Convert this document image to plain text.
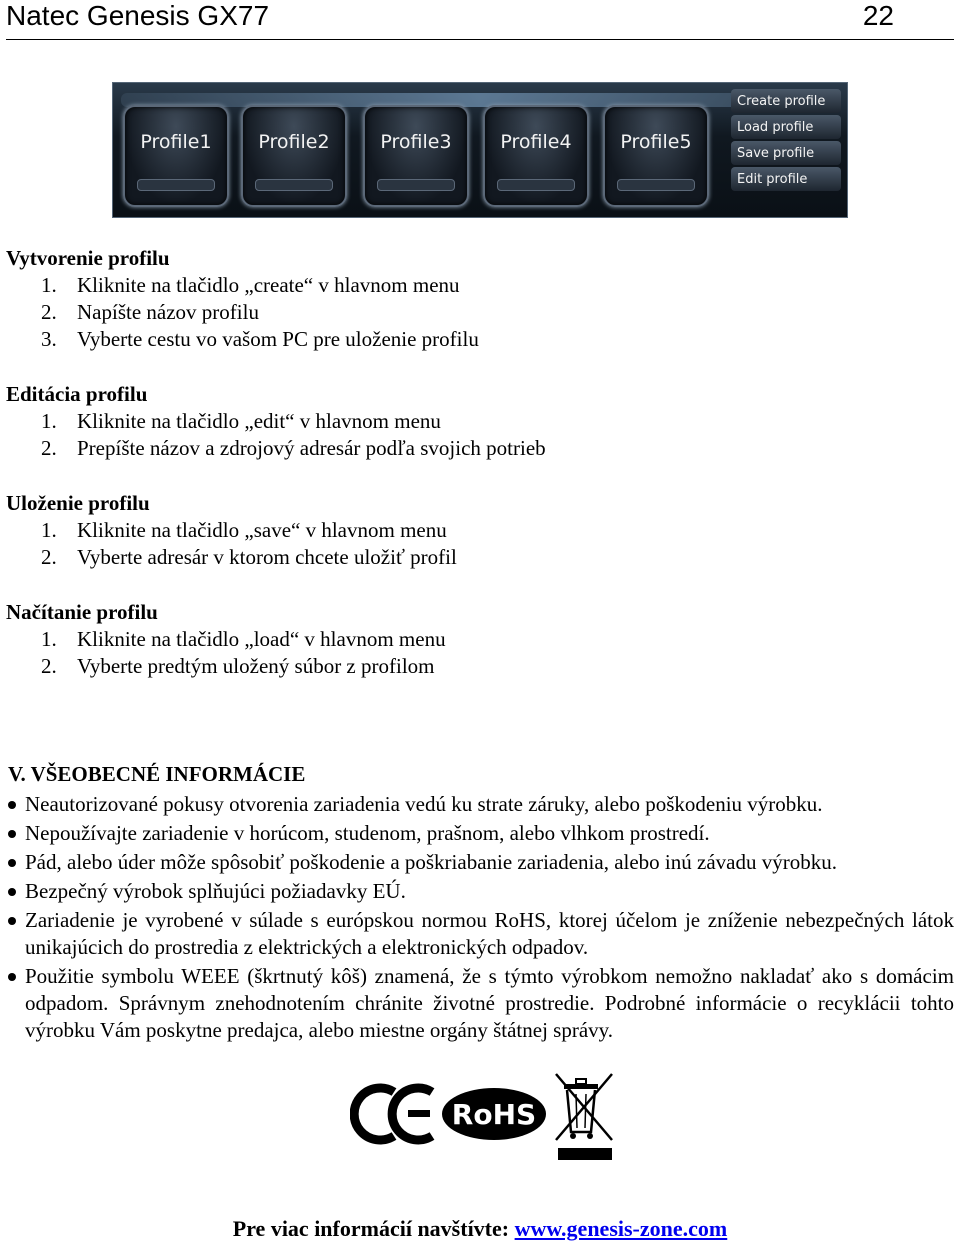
Natec Genesis GX77	22
Profile1 Profile2	Profile3	Profile4	Profile5
Create profile
Load profile
Save profile
Edit profile
Vytvorenie profilu
1. Kliknite na tlačidlo „create“ v hlavnom menu
2. Napíšte názov profilu
3. Vyberte cestu vo vašom PC pre uloženie profilu
Editácia profilu
1. Kliknite na tlačidlo „edit“ v hlavnom menu
2. Prepíšte názov a zdrojový adresár podľa svojich potrieb
Uloženie profilu
1. Kliknite na tlačidlo „save“ v hlavnom menu
2. Vyberte adresár v ktorom chcete uložiť profil
Načítanie profilu
1. Kliknite na tlačidlo „load“ v hlavnom menu
2. Vyberte predtým uložený súbor z profilom
V. VŠEOBECNÉ INFORMÁCIE
Neautorizované pokusy otvorenia zariadenia vedú ku strate záruky, alebo poškodeniu výrobku.
Nepoužívajte zariadenie v horúcom, studenom, prašnom, alebo vlhkom prostredí.
Pád, alebo úder môže spôsobiť poškodenie a poškriabanie zariadenia, alebo inú závadu výrobku.
Bezpečný výrobok splňujúci požiadavky EÚ.
Zariadenie je vyrobené v súlade s európskou normou RoHS, ktorej účelom je zníženie nebezpečných látok unikajúcich do prostredia z elektrických a elektronických odpadov.
Použitie symbolu WEEE (škrtnutý kôš) znamená, že s týmto výrobkom nemožno nakladať ako s domácim odpadom. Správnym znehodnotením chránite životné prostredie. Podrobné informácie o recyklácii tohto výrobku Vám poskytne predajca, alebo miestne orgány štátnej správy.
RoHS
Pre viac informácií navštívte: www.genesis-zone.com
